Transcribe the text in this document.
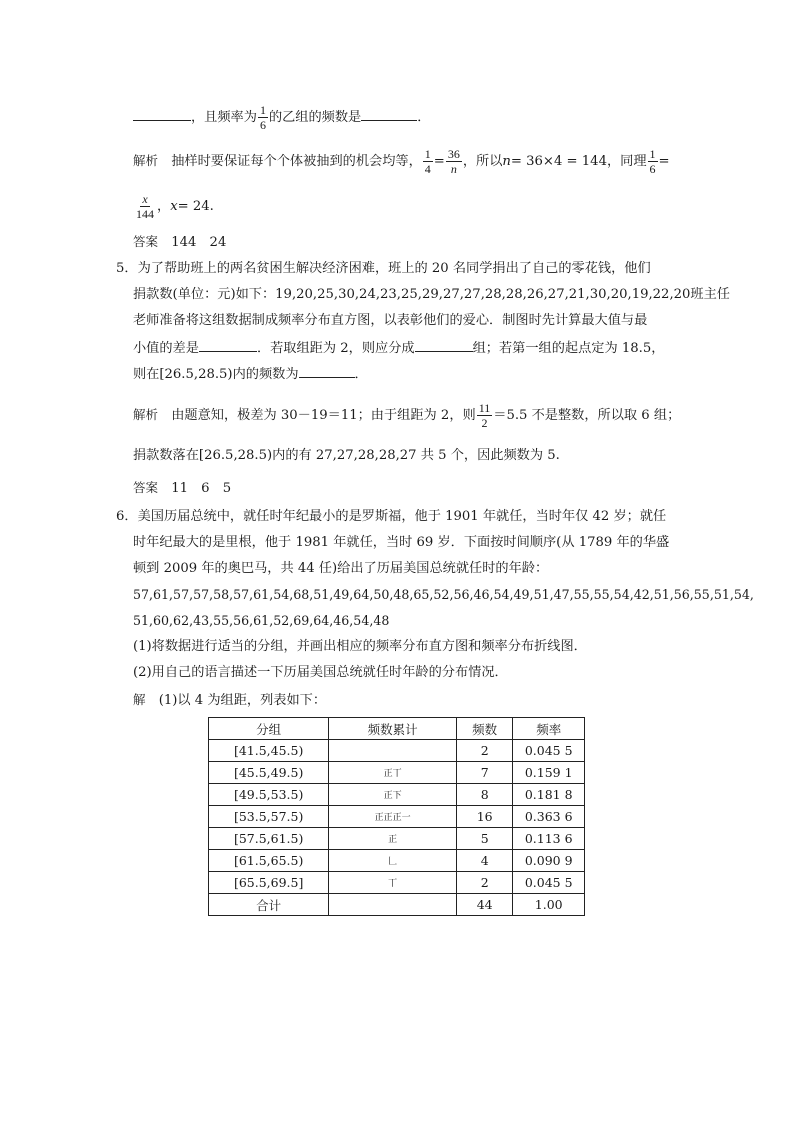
，且频率为 $\frac{1}{6}$ 的乙组的频数是	．
解析　 抽样时要保证每个个体被抽到的机会均等， $\frac{1}{4} = \frac{36}{n}$ ，所以n= 36×4 = 144，同理 $\frac{1}{6}$ =
$\frac{x}{144}$ ，x= 24.
答案　 144　24
5．为了帮助班上的两名贫困生解决经济困难，班上的 20 名同学捐出了自己的零花钱，他们
捐款数(单位：元)如下：19,20,25,30,24,23,25,29,27,27,28,28,26,27,21,30,20,19,22,20班主任
老师准备将这组数据制成频率分布直方图，以表彰他们的爱心．制图时先计算最大值与最
小值的差是	．若取组距为 2，则应分成	组；若第一组的起点定为 18.5，
则在[26.5,28.5)内的频数为	．
解析　 由题意知，极差为 30－19＝11；由于组距为 2，则 $\frac{11}{2} =5.5$ 不是整数，所以取 6 组；
捐款数落在[26.5,28.5)内的有 27,27,28,28,27 共 5 个，因此频数为 5.
答案　 11　6　5
6．美国历届总统中，就任时年纪最小的是罗斯福，他于 1901 年就任，当时年仅 42 岁；就任
时年纪最大的是里根，他于 1981 年就任，当时 69 岁．下面按时间顺序(从 1789 年的华盛
顿到 2009 年的奥巴马，共 44 任)给出了历届美国总统就任时的年龄：
57,61,57,57,58,57,61,54,68,51,49,64,50,48,65,52,56,46,54,49,51,47,55,55,54,42,51,56,55,51,54,
51,60,62,43,55,56,61,52,69,64,46,54,48
(1)将数据进行适当的分组，并画出相应的频率分布直方图和频率分布折线图．
(2)用自己的语言描述一下历届美国总统就任时年龄的分布情况．
解　 (1)以 4 为组距，列表如下：
分组	频数累计	频数	频率
[41.5,45.5)		2	0.045 5
[45.5,49.5)	正丅	7	0.159 1
[49.5,53.5)	正下	8	0.181 8
[53.5,57.5)	正正正一	16	0.363 6
[57.5,61.5)	正	5	0.113 6
[61.5,65.5)	𠃊	4	0.090 9
[65.5,69.5]	丅	2	0.045 5
合计		44	1.00
